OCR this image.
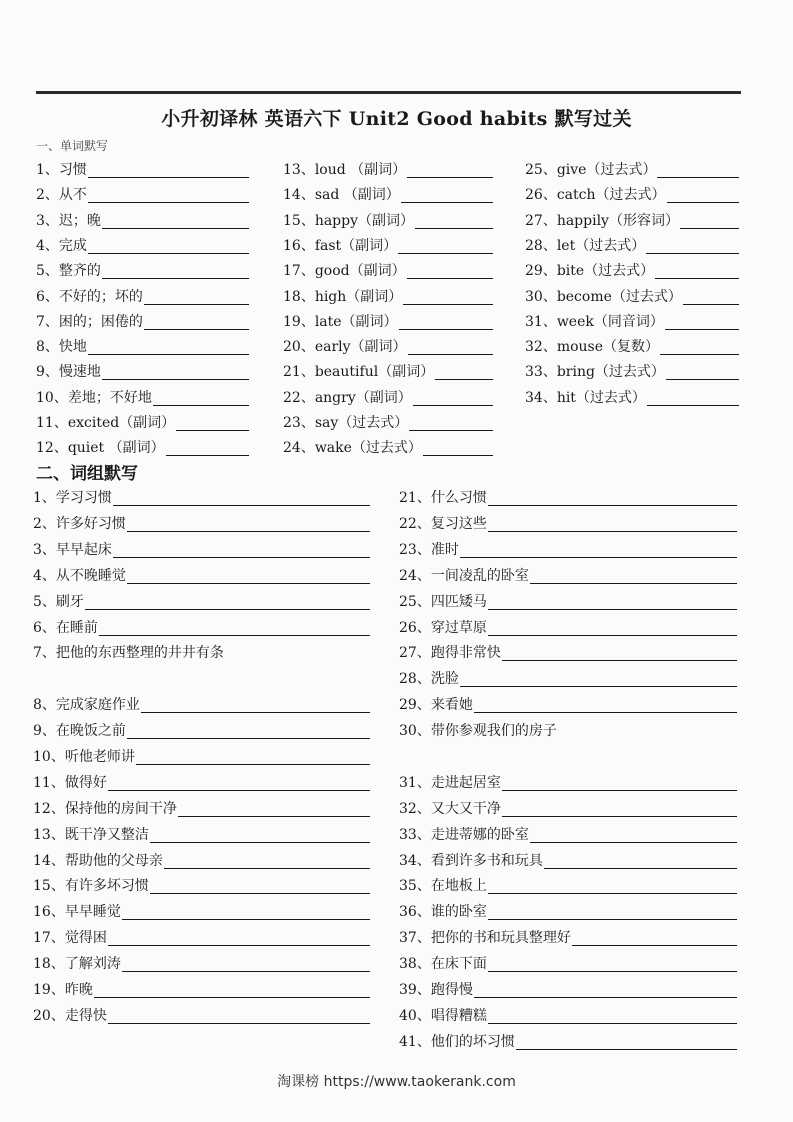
小升初译林 英语六下 Unit2 Good habits 默写过关
一、单词默写
二、词组默写
1、习惯
2、从不
3、迟；晚
4、完成
5、整齐的
6、不好的；坏的
7、困的；困倦的
8、快地
9、慢速地
10、差地；不好地
11、excited（副词）
12、quiet （副词）
13、loud （副词）
14、sad （副词）
15、happy（副词）
16、fast（副词）
17、good（副词）
18、high（副词）
19、late（副词）
20、early（副词）
21、beautiful（副词）
22、angry（副词）
23、say（过去式）
24、wake（过去式）
25、give（过去式）
26、catch（过去式）
27、happily（形容词）
28、let（过去式）
29、bite（过去式）
30、become（过去式）
31、week（同音词）
32、mouse（复数）
33、bring（过去式）
34、hit（过去式）
1、学习习惯
2、许多好习惯
3、早早起床
4、从不晚睡觉
5、刷牙
6、在睡前
7、把他的东西整理的井井有条
8、完成家庭作业
9、在晚饭之前
10、听他老师讲
11、做得好
12、保持他的房间干净
13、既干净又整洁
14、帮助他的父母亲
15、有许多坏习惯
16、早早睡觉
17、觉得困
18、了解刘涛
19、昨晚
20、走得快
21、什么习惯
22、复习这些
23、准时
24、一间凌乱的卧室
25、四匹矮马
26、穿过草原
27、跑得非常快
28、洗脸
29、来看她
30、带你参观我们的房子
31、走进起居室
32、又大又干净
33、走进蒂娜的卧室
34、看到许多书和玩具
35、在地板上
36、谁的卧室
37、把你的书和玩具整理好
38、在床下面
39、跑得慢
40、唱得糟糕
41、他们的坏习惯
淘课榜 https://www.taokerank.com
